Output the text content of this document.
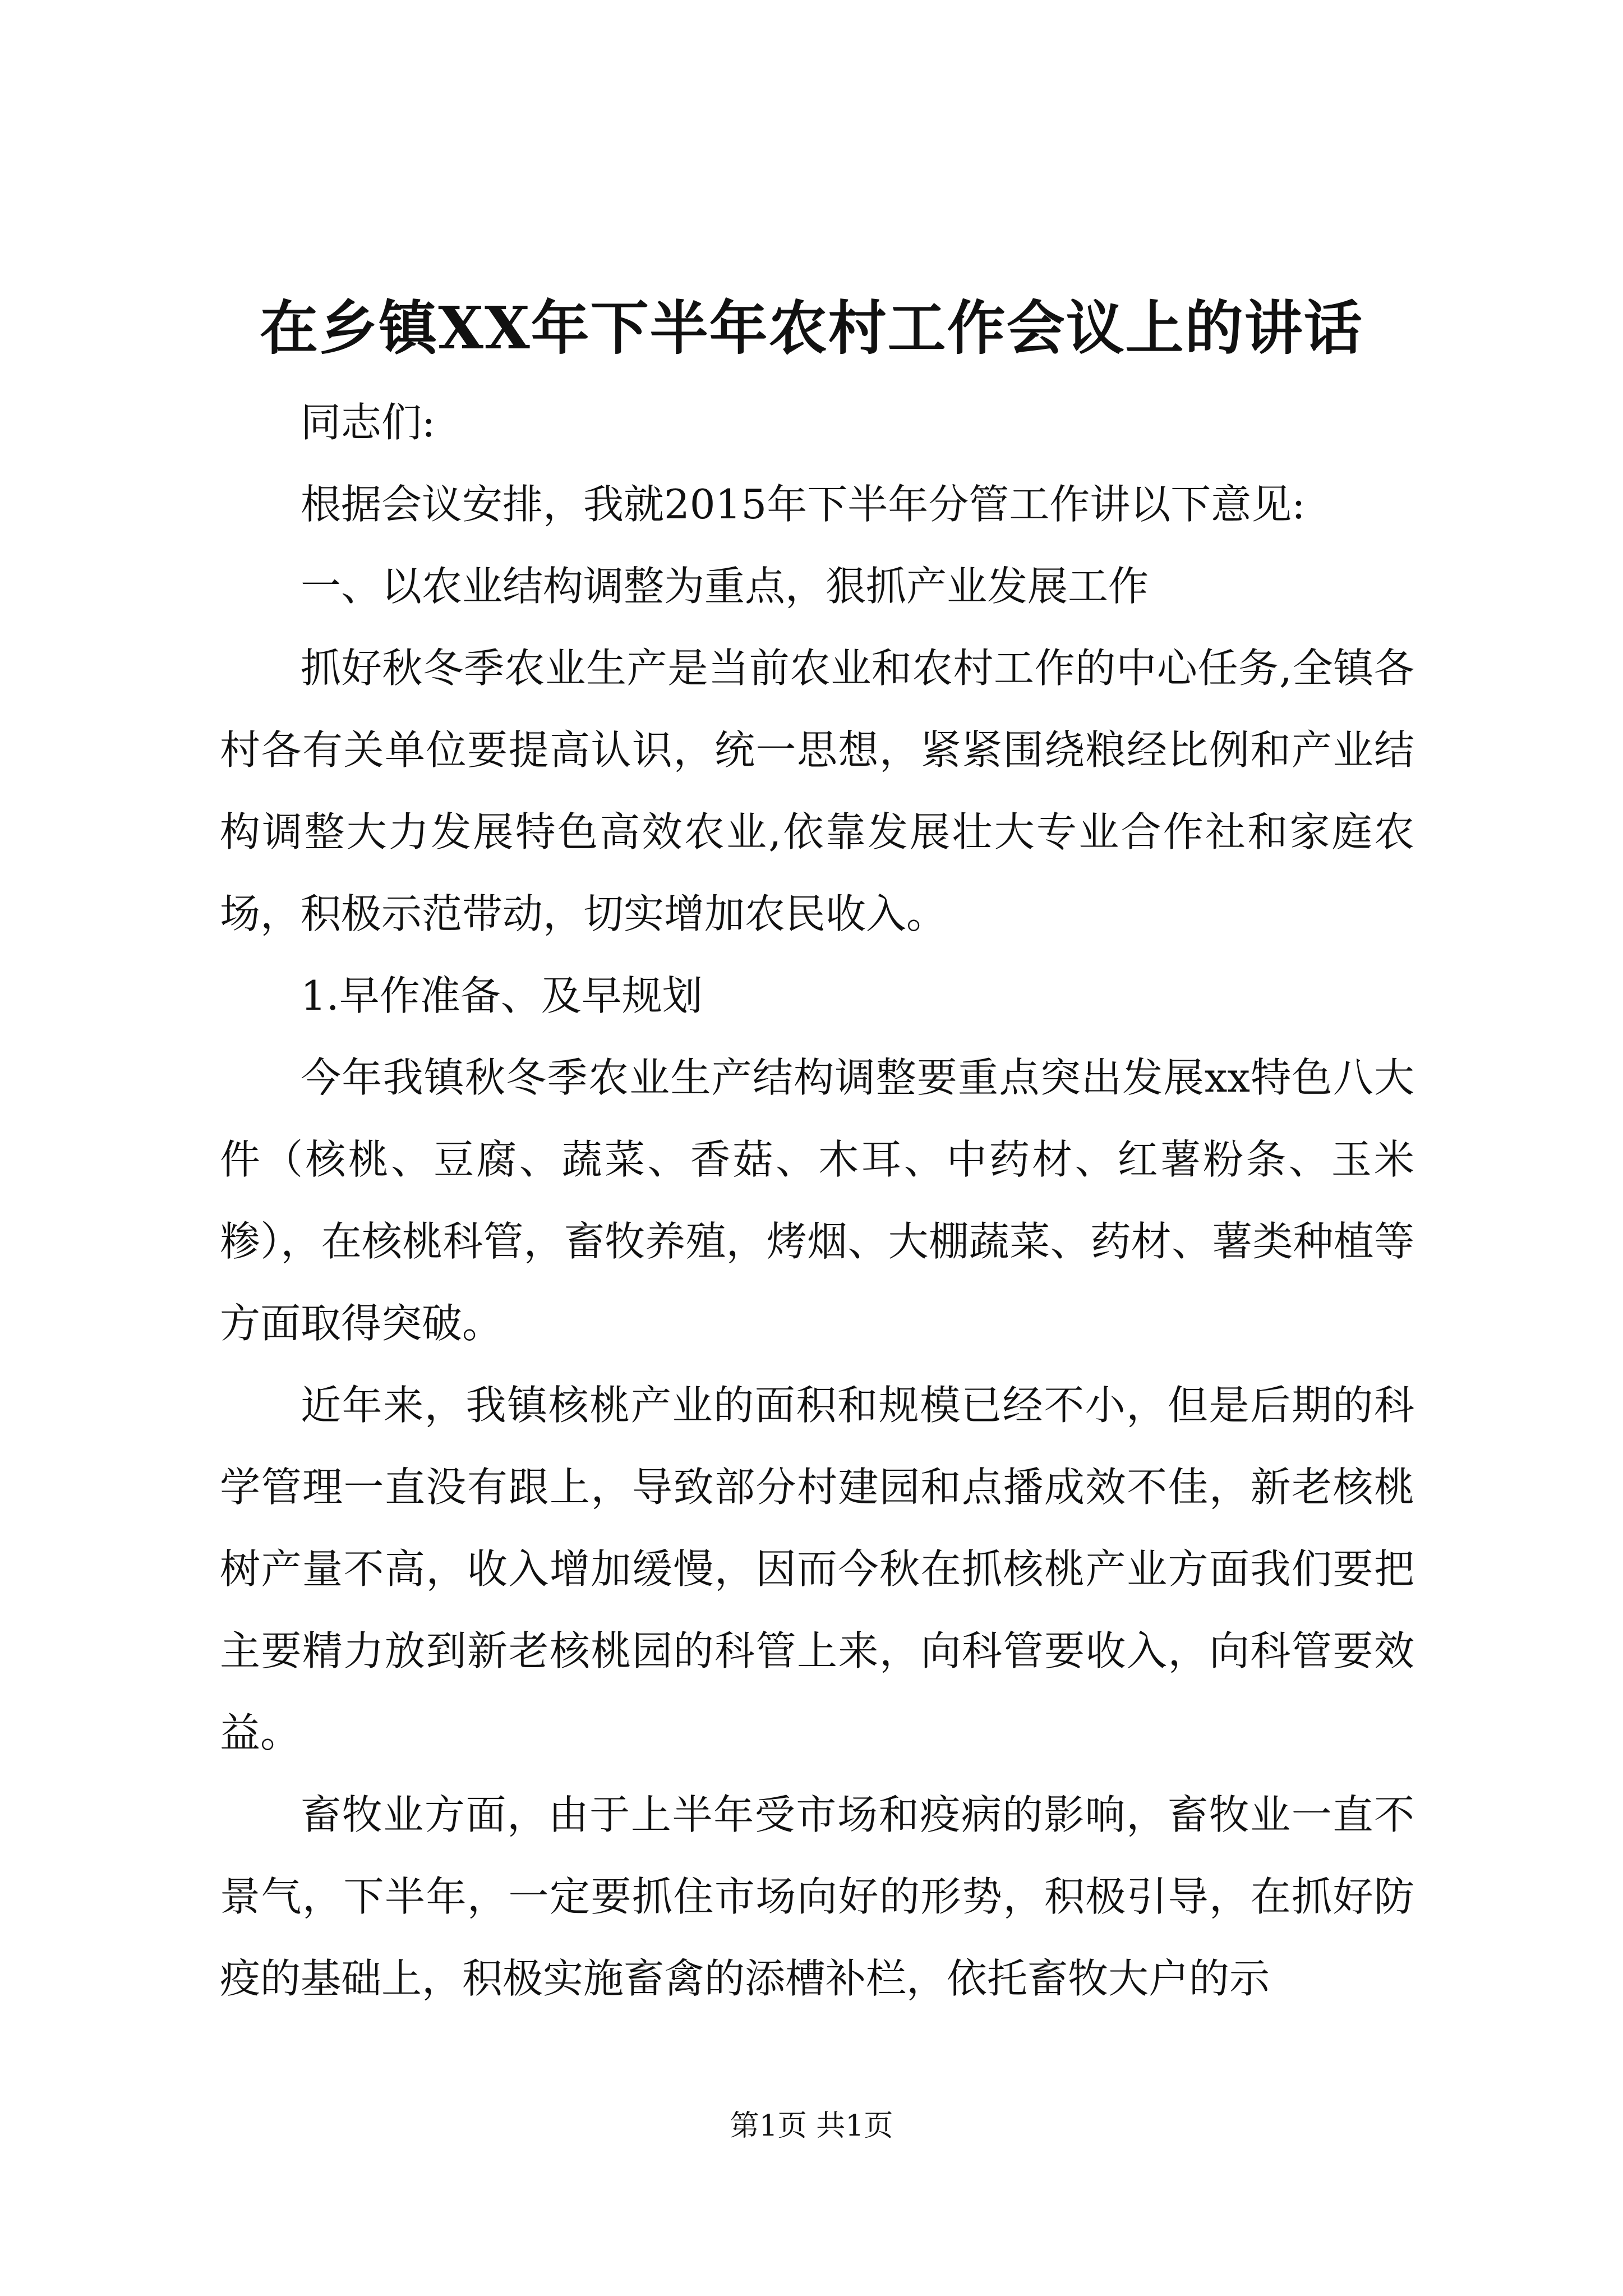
在乡镇XX年下半年农村工作会议上的讲话

同志们:

根据会议安排，我就2015年下半年分管工作讲以下意见:

一、以农业结构调整为重点，狠抓产业发展工作

抓好秋冬季农业生产是当前农业和农村工作的中心任务,全镇各村各有关单位要提高认识，统一思想，紧紧围绕粮经比例和产业结构调整大力发展特色高效农业,依靠发展壮大专业合作社和家庭农场，积极示范带动，切实增加农民收入。

1.早作准备、及早规划

今年我镇秋冬季农业生产结构调整要重点突出发展xx特色八大件（核桃、豆腐、蔬菜、香菇、木耳、中药材、红薯粉条、玉米糁），在核桃科管，畜牧养殖，烤烟、大棚蔬菜、药材、薯类种植等方面取得突破。

近年来，我镇核桃产业的面积和规模已经不小，但是后期的科学管理一直没有跟上，导致部分村建园和点播成效不佳，新老核桃树产量不高，收入增加缓慢，因而今秋在抓核桃产业方面我们要把主要精力放到新老核桃园的科管上来，向科管要收入，向科管要效益。

畜牧业方面，由于上半年受市场和疫病的影响，畜牧业一直不景气，下半年，一定要抓住市场向好的形势，积极引导，在抓好防疫的基础上，积极实施畜禽的添槽补栏，依托畜牧大户的示

第1页 共1页
